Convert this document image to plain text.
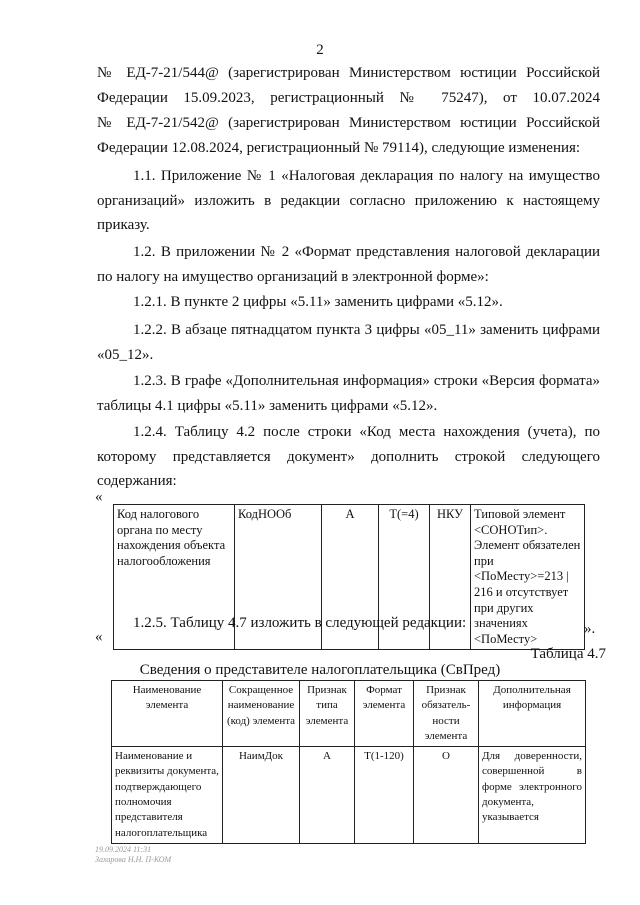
2
№ ЕД-7-21/544@ (зарегистрирован Министерством юстиции Российской
Федерации 15.09.2023, регистрационный № 75247), от 10.07.2024
№ ЕД-7-21/542@ (зарегистрирован Министерством юстиции Российской
Федерации 12.08.2024, регистрационный № 79114), следующие изменения:
1.1. Приложение № 1 «Налоговая декларация по налогу на имущество организаций» изложить в редакции согласно приложению к настоящему приказу.
1.2. В приложении № 2 «Формат представления налоговой декларации по налогу на имущество организаций в электронной форме»:
1.2.1. В пункте 2 цифры «5.11» заменить цифрами «5.12».
1.2.2. В абзаце пятнадцатом пункта 3 цифры «05_11» заменить цифрами «05_12».
1.2.3. В графе «Дополнительная информация» строки «Версия формата» таблицы 4.1 цифры «5.11» заменить цифрами «5.12».
1.2.4. Таблицу 4.2 после строки «Код места нахождения (учета), по которому представляется документ» дополнить строкой следующего содержания:
«
Код налогового органа по месту нахождения объекта налогообложения	КодНООб	А	Т(=4)	НКУ	Типовой элемент <СОНОТип>. Элемент обязателен при <ПоМесту>=213 | 216 и отсутствует при других значениях <ПоМесту>
».
1.2.5. Таблицу 4.7 изложить в следующей редакции:
«
Таблица 4.7
Сведения о представителе налогоплательщика (СвПред)
Наименование элемента	Сокращенное наименование (код) элемента	Признак типа элемента	Формат элемента	Признак обязатель- ности элемента	Дополнительная информация
Наименование и реквизиты документа, подтверждающего полномочия представителя налогоплательщика	НаимДок	А	Т(1-120)	О	Для доверенности, совершенной в форме электронного документа, указывается
19.09.2024 11:31
Захарова Н.Н. П-КОМ
